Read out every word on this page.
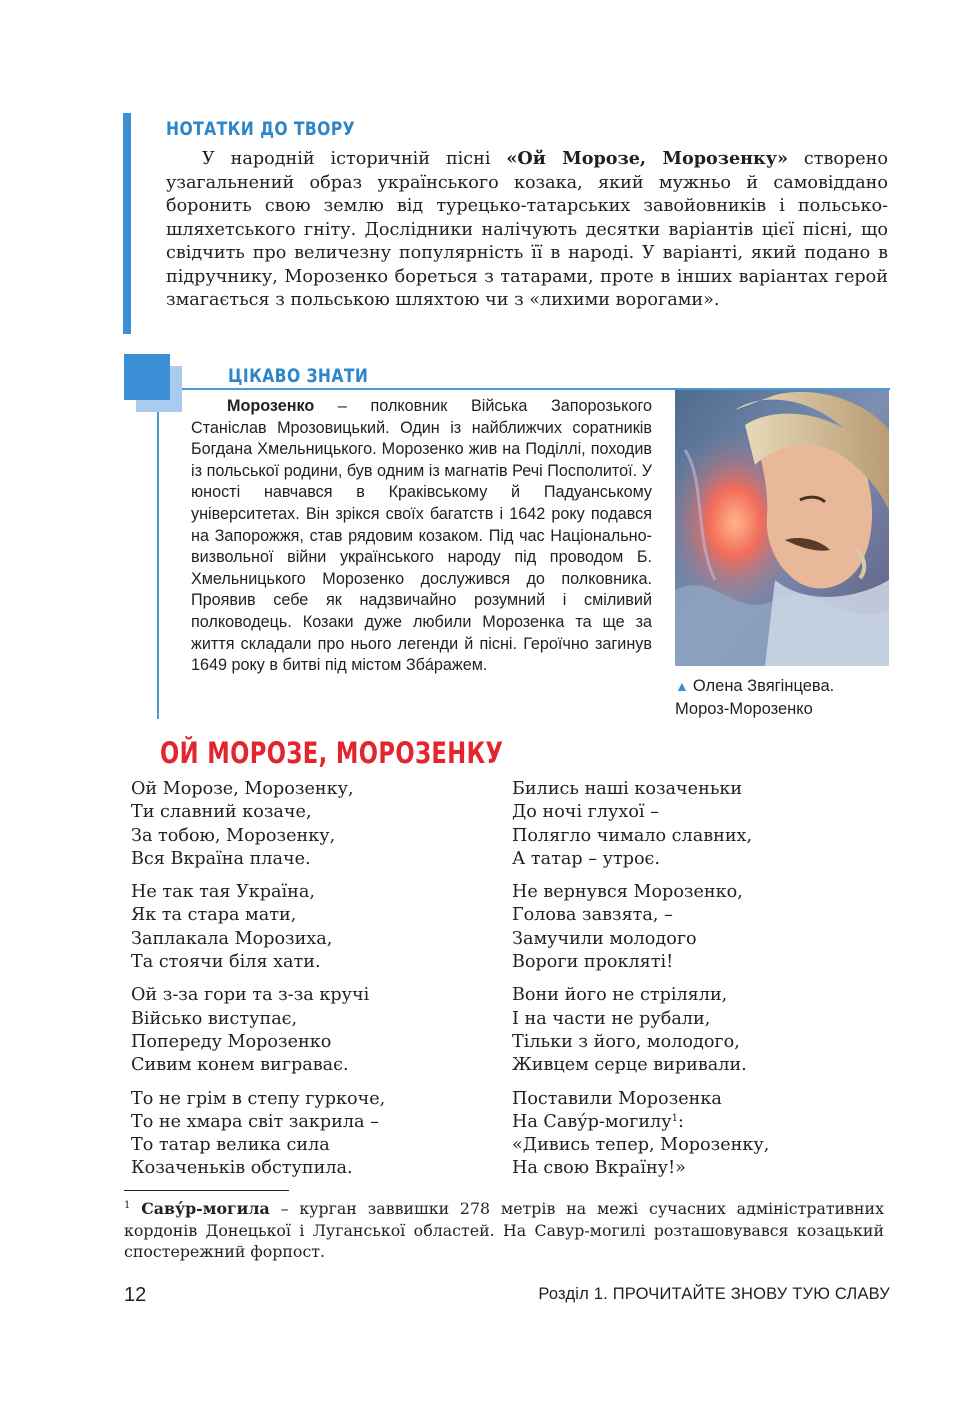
НОТАТКИ ДО ТВОРУ

У народній історичній пісні «Ой Морозе, Морозенку» створено узагальнений образ українського козака, який мужньо й самовіддано боронить свою землю від турецько-татарських завойовників і польсько-шляхетського гніту. Дослідники налічують десятки варіантів цієї пісні, що свідчить про величезну популярність її в народі. У варіанті, який подано в підручнику, Морозенко бореться з татарами, проте в інших варіантах герой змагається з польською шляхтою чи з «лихими ворогами».

ЦІКАВО ЗНАТИ

Морозенко – полковник Війська Запорозького Станіслав Мрозовицький. Один із найближчих соратників Богдана Хмельницького. Морозенко жив на Поділлі, походив із польської родини, був одним із магнатів Речі Посполитої. У юності навчався в Краківському й Падуанському університетах. Він зрікся своїх багатств і 1642 року подався на Запорожжя, став рядовим козаком. Під час Національно-визвольної війни українського народу під проводом Б. Хмельницького Морозенко дослужився до полковника. Проявив себе як надзвичайно розумний і сміливий полководець. Козаки дуже любили Морозенка та ще за життя складали про нього легенди й пісні. Героїчно загинув 1649 року в битві під містом Збáражем.

▲ Олена Звягінцева.
Мороз-Морозенко
ОЙ МОРОЗЕ, МОРОЗЕНКУ
Ой Морозе, Морозенку,
Ти славний козаче,
За тобою, Морозенку,
Вся Вкраїна плаче.
Не так тая Україна,
Як та стара мати,
Заплакала Морозиха,
Та стоячи біля хати.
Ой з-за гори та з-за кручі
Військо виступає,
Попереду Морозенко
Сивим конем виграває.
То не грім в степу гуркоче,
То не хмара світ закрила –
То татар велика сила
Козаченьків обступила.
Бились наші козаченьки
До ночі глухої –
Полягло чимало славних,
А татар – утроє.
Не вернувся Морозенко,
Голова завзята, –
Замучили молодого
Вороги прокляті!
Вони його не стріляли,
І на части не рубали,
Тільки з його, молодого,
Живцем серце виривали.
Поставили Морозенка
На Саву́р-могилу$^1$:
«Дивись тепер, Морозенку,
На свою Вкраїну!»
$^1$ Саву́р-могила – курган заввишки 278 метрів на межі сучасних адміністративних кордонів Донецької і Луганської областей. На Савур-могилі розташовувався козацький спостережний форпост.
12	Розділ 1. ПРОЧИТАЙТЕ ЗНОВУ ТУЮ СЛАВУ
